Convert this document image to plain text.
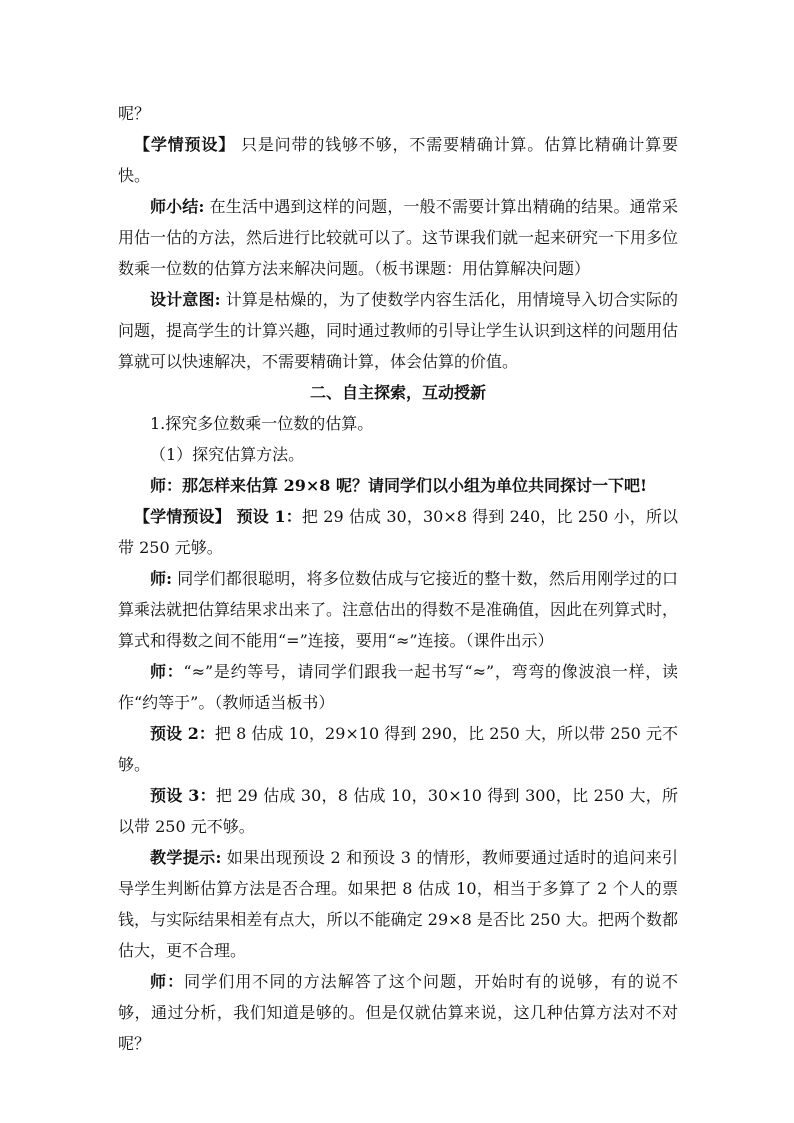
呢？

【学情预设】 只是问带的钱够不够，不需要精确计算。估算比精确计算要快。

师小结: 在生活中遇到这样的问题，一般不需要计算出精确的结果。通常采用估一估的方法，然后进行比较就可以了。这节课我们就一起来研究一下用多位数乘一位数的估算方法来解决问题。（板书课题：用估算解决问题）

设计意图: 计算是枯燥的，为了使数学内容生活化，用情境导入切合实际的问题，提高学生的计算兴趣，同时通过教师的引导让学生认识到这样的问题用估算就可以快速解决，不需要精确计算，体会估算的价值。

二、自主探索，互动授新

1.探究多位数乘一位数的估算。

（1）探究估算方法。

师：那怎样来估算 29×8 呢？请同学们以小组为单位共同探讨一下吧!

【学情预设】 预设 1：把 29 估成 30，30×8 得到 240，比 250 小，所以带 250 元够。

师: 同学们都很聪明，将多位数估成与它接近的整十数，然后用刚学过的口算乘法就把估算结果求出来了。注意估出的得数不是准确值，因此在列算式时，算式和得数之间不能用“=”连接，要用“≈”连接。（课件出示）

师：“≈”是约等号，请同学们跟我一起书写“≈”，弯弯的像波浪一样，读作“约等于”。（教师适当板书）

预设 2：把 8 估成 10，29×10 得到 290，比 250 大，所以带 250 元不够。

预设 3：把 29 估成 30，8 估成 10，30×10 得到 300，比 250 大，所以带 250 元不够。

教学提示: 如果出现预设 2 和预设 3 的情形，教师要通过适时的追问来引导学生判断估算方法是否合理。如果把 8 估成 10，相当于多算了 2 个人的票钱，与实际结果相差有点大，所以不能确定 29×8 是否比 250 大。把两个数都估大，更不合理。

师：同学们用不同的方法解答了这个问题，开始时有的说够，有的说不够，通过分析，我们知道是够的。但是仅就估算来说，这几种估算方法对不对呢？
